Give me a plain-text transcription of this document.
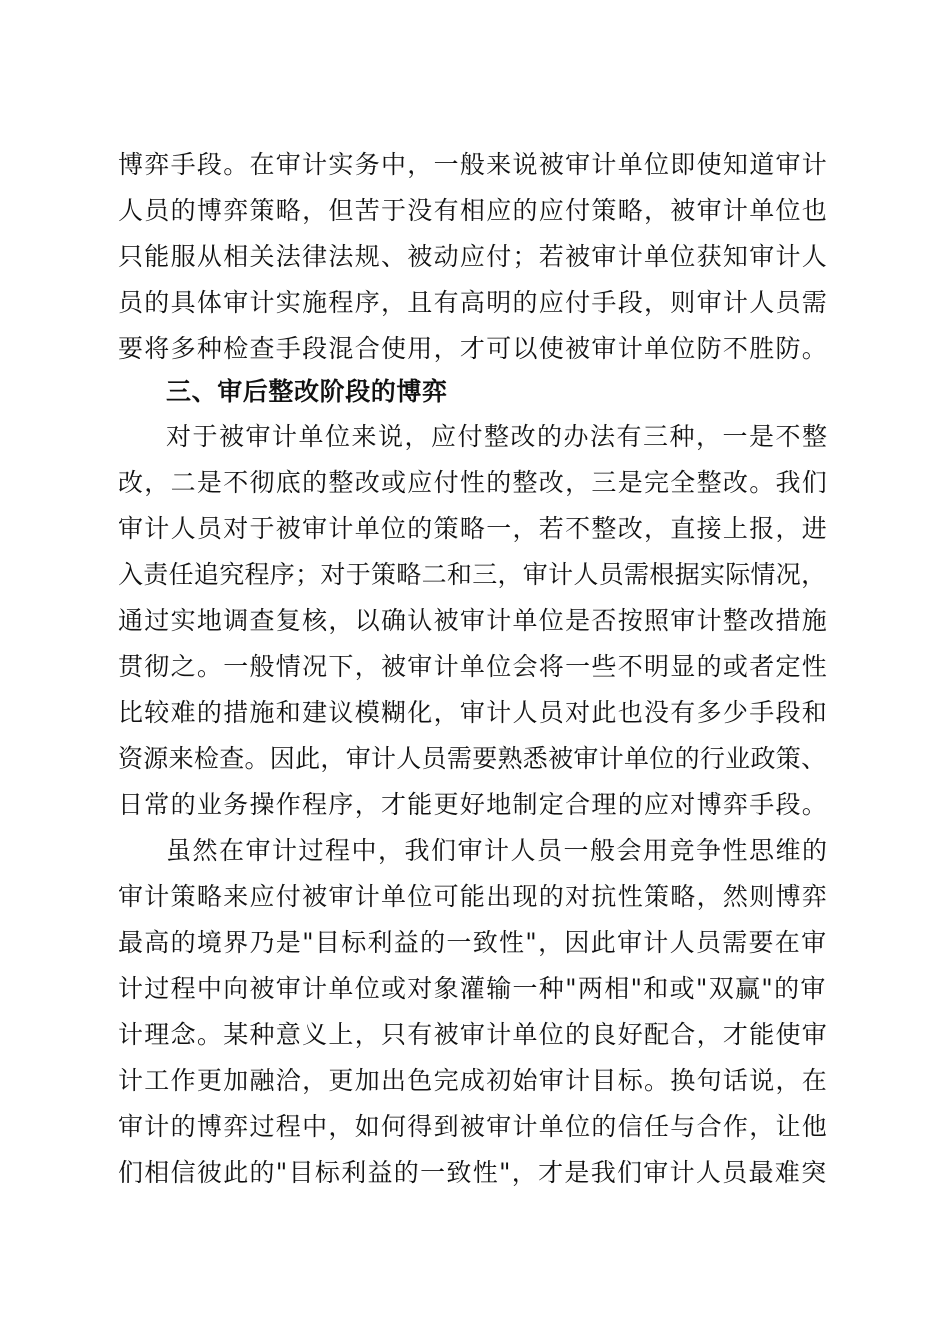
博弈手段。在审计实务中，一般来说被审计单位即使知道审计
人员的博弈策略，但苦于没有相应的应付策略，被审计单位也
只能服从相关法律法规、被动应付；若被审计单位获知审计人
员的具体审计实施程序，且有高明的应付手段，则审计人员需
要将多种检查手段混合使用，才可以使被审计单位防不胜防。
三、审后整改阶段的博弈
对于被审计单位来说，应付整改的办法有三种，一是不整
改，二是不彻底的整改或应付性的整改，三是完全整改。我们
审计人员对于被审计单位的策略一，若不整改，直接上报，进
入责任追究程序；对于策略二和三，审计人员需根据实际情况，
通过实地调查复核，以确认被审计单位是否按照审计整改措施
贯彻之。一般情况下，被审计单位会将一些不明显的或者定性
比较难的措施和建议模糊化，审计人员对此也没有多少手段和
资源来检查。因此，审计人员需要熟悉被审计单位的行业政策、
日常的业务操作程序，才能更好地制定合理的应对博弈手段。
虽然在审计过程中，我们审计人员一般会用竞争性思维的
审计策略来应付被审计单位可能出现的对抗性策略，然则博弈
最高的境界乃是"目标利益的一致性"，因此审计人员需要在审
计过程中向被审计单位或对象灌输一种"两相"和或"双赢"的审
计理念。某种意义上，只有被审计单位的良好配合，才能使审
计工作更加融洽，更加出色完成初始审计目标。换句话说，在
审计的博弈过程中，如何得到被审计单位的信任与合作，让他
们相信彼此的"目标利益的一致性"，才是我们审计人员最难突
